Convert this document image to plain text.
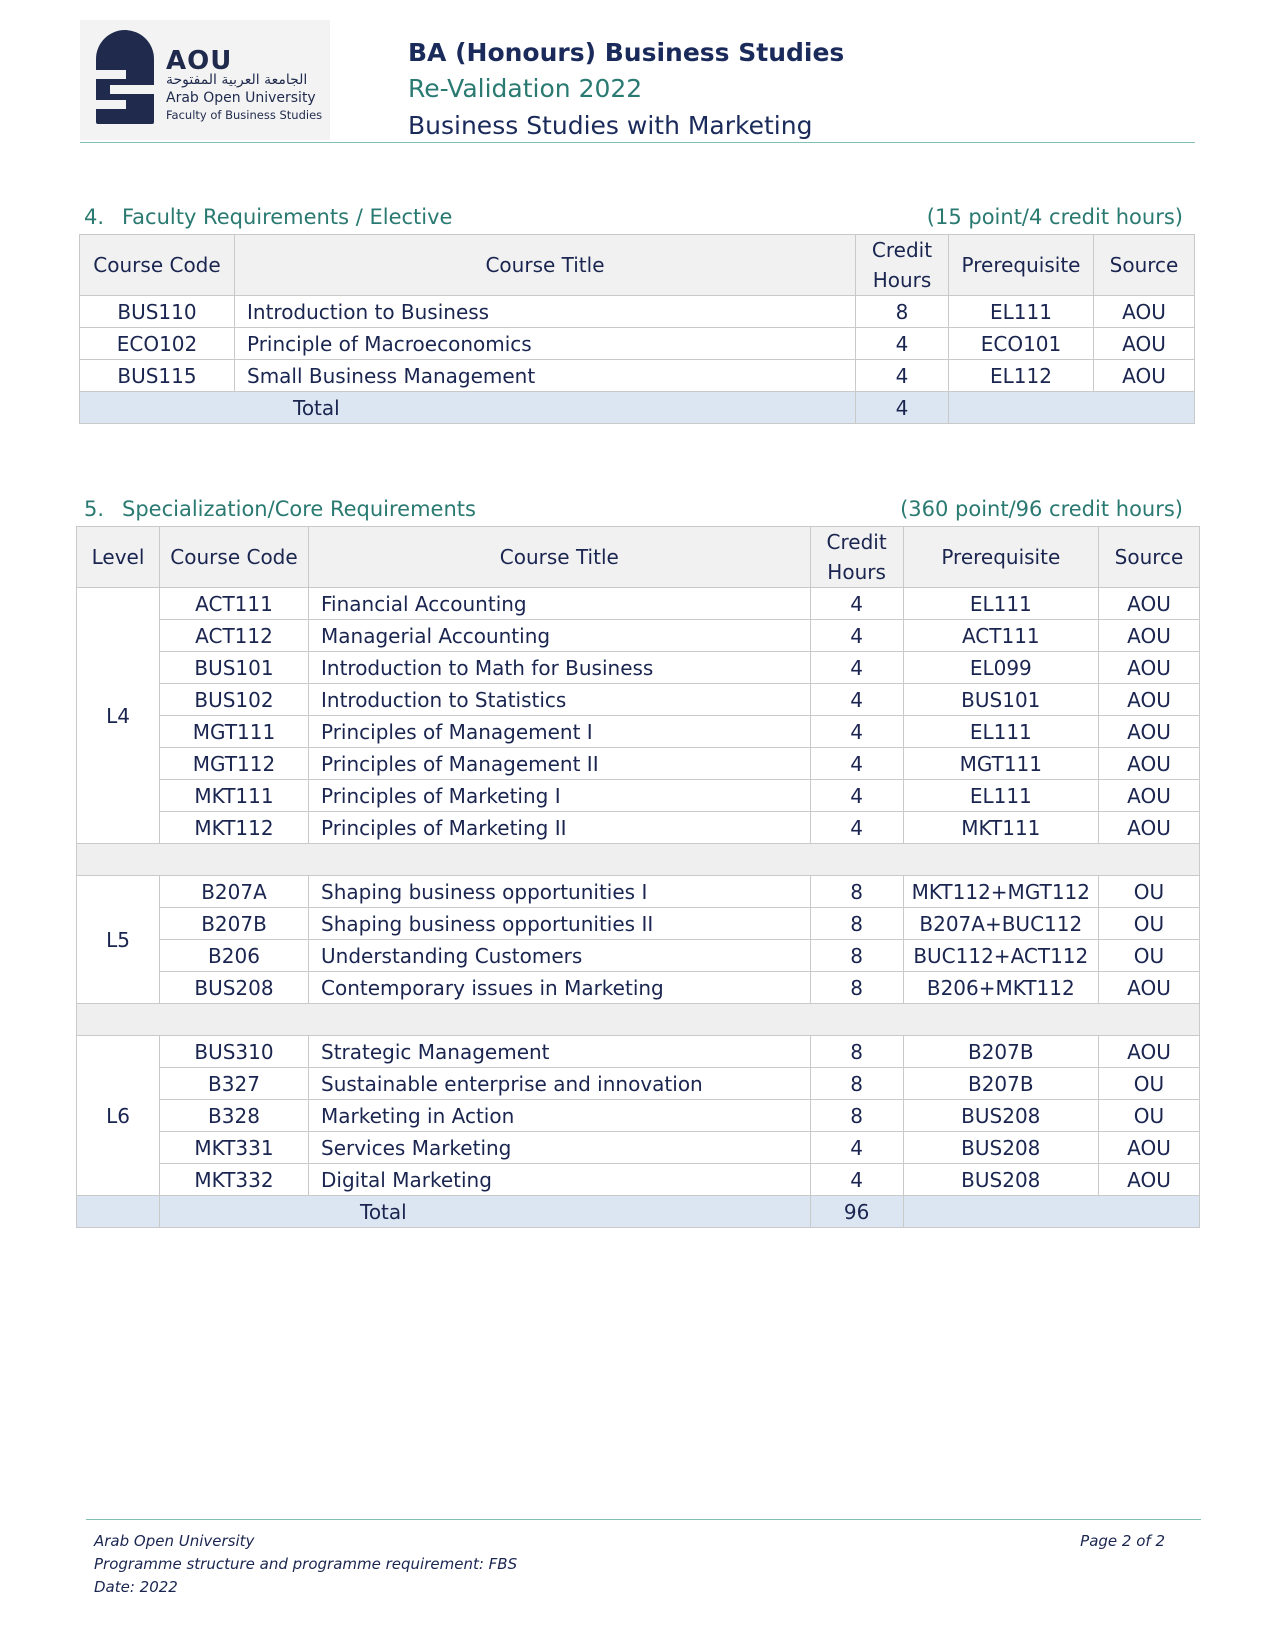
AOU
الجامعة العربية المفتوحة
Arab Open University
Faculty of Business Studies
BA (Honours) Business Studies
Re-Validation 2022
Business Studies with Marketing
4. Faculty Requirements / Elective	(15 point/4 credit hours)
Course Code	Course Title	Credit Hours	Prerequisite	Source
BUS110	Introduction to Business	8	EL111	AOU
ECO102	Principle of Macroeconomics	4	ECO101	AOU
BUS115	Small Business Management	4	EL112	AOU
Total		4		
5. Specialization/Core Requirements	(360 point/96 credit hours)
Level	Course Code	Course Title	Credit Hours	Prerequisite	Source
L4	ACT111	Financial Accounting	4	EL111	AOU
	ACT112	Managerial Accounting	4	ACT111	AOU
	BUS101	Introduction to Math for Business	4	EL099	AOU
	BUS102	Introduction to Statistics	4	BUS101	AOU
	MGT111	Principles of Management I	4	EL111	AOU
	MGT112	Principles of Management II	4	MGT111	AOU
	MKT111	Principles of Marketing I	4	EL111	AOU
	MKT112	Principles of Marketing II	4	MKT111	AOU

L5	B207A	Shaping business opportunities I	8	MKT112+MGT112	OU
	B207B	Shaping business opportunities II	8	B207A+BUC112	OU
	B206	Understanding Customers	8	BUC112+ACT112	OU
	BUS208	Contemporary issues in Marketing	8	B206+MKT112	AOU

L6	BUS310	Strategic Management	8	B207B	AOU
	B327	Sustainable enterprise and innovation	8	B207B	OU
	B328	Marketing in Action	8	BUS208	OU
	MKT331	Services Marketing	4	BUS208	AOU
	MKT332	Digital Marketing	4	BUS208	AOU
	Total		96		
Arab Open University
Programme structure and programme requirement: FBS
Date: 2022
Page 2 of 2
